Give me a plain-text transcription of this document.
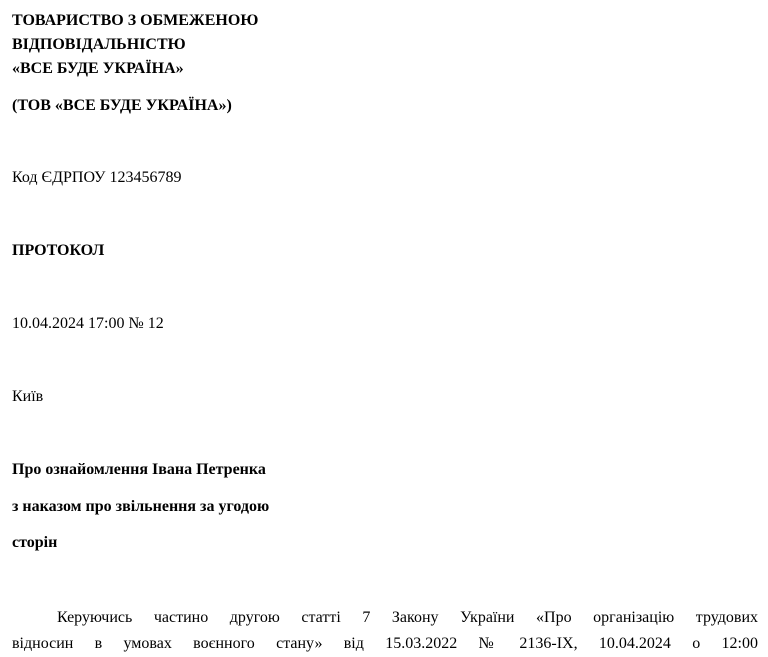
ТОВАРИСТВО З ОБМЕЖЕНОЮ
ВІДПОВІДАЛЬНІСТЮ
«ВСЕ БУДЕ УКРАЇНА»
(ТОВ «ВСЕ БУДЕ УКРАЇНА»)
Код ЄДРПОУ 123456789
ПРОТОКОЛ
10.04.2024 17:00 № 12
Київ
Про ознайомлення Івана Петренка
з наказом про звільнення за угодою
сторін
Керуючись частино другою статті 7 Закону України «Про організацію трудових
відносин в умовах воєнного стану» від 15.03.2022 № 2136-IX, 10.04.2024 о 12:00
